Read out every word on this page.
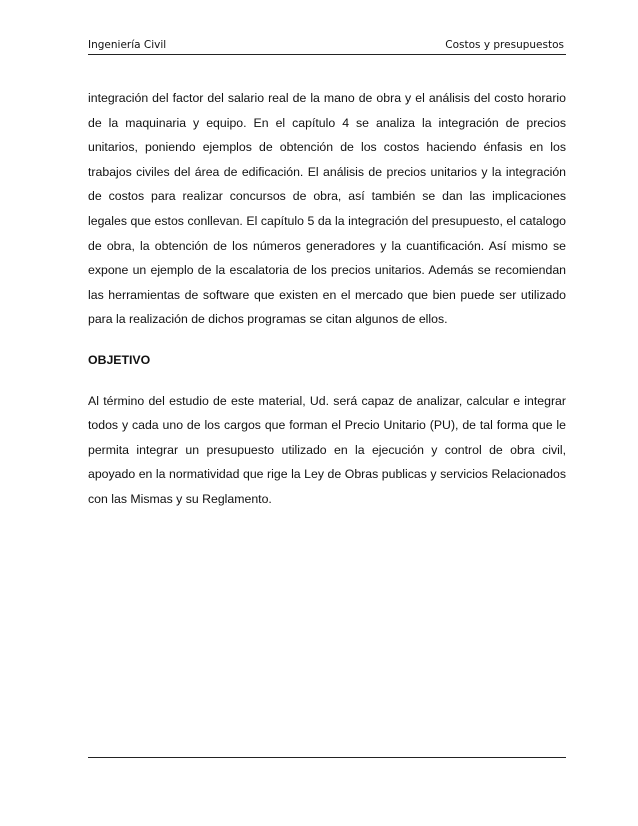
Ingeniería Civil	Costos y presupuestos

integración del factor del salario real de la mano de obra y el análisis del costo horario de la maquinaria y equipo. En el capítulo 4 se analiza la integración de precios unitarios, poniendo ejemplos de obtención de los costos haciendo énfasis en los trabajos civiles del área de edificación. El análisis de precios unitarios y la integración de costos para realizar concursos de obra, así también se dan las implicaciones legales que estos conllevan. El capítulo 5 da la integración del presupuesto, el catalogo de obra, la obtención de los números generadores y la cuantificación. Así mismo se expone un ejemplo de la escalatoria de los precios unitarios. Además se recomiendan las herramientas de software que existen en el mercado que bien puede ser utilizado para la realización de dichos programas se citan algunos de ellos.

OBJETIVO

Al término del estudio de este material, Ud. será capaz de analizar, calcular e integrar todos y cada uno de los cargos que forman el Precio Unitario (PU), de tal forma que le permita integrar un presupuesto utilizado en la ejecución y control de obra civil, apoyado en la normatividad que rige la Ley de Obras publicas y servicios Relacionados con las Mismas y su Reglamento.
